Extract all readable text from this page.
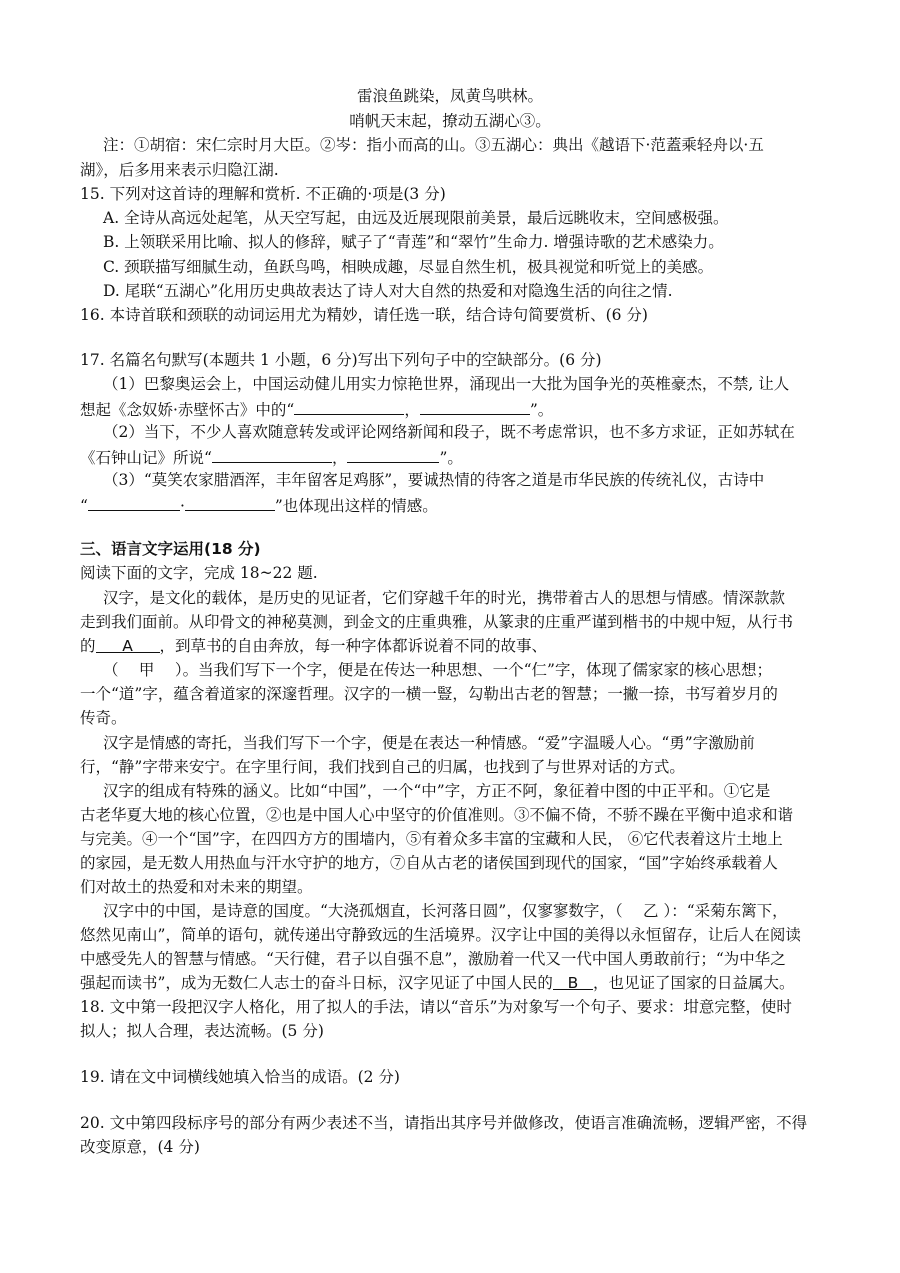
雷浪鱼跳染，凤黄鸟哄林。
哨帆天末起，撩动五湖心③。
注：①胡宿：宋仁宗时月大臣。②岑：指小而高的山。③五湖心：典出《越语下·范蓋乘轻舟以·五
湖》，后多用来表示归隐江湖.
15. 下列对这首诗的理解和赏析. 不正确的·项是(3 分)
A. 全诗从高远处起笔，从天空写起，由远及近展现限前美景，最后远眺收末，空间感极强。
B. 上领联采用比喻、拟人的修辞，赋子了“青莲”和“翠竹”生命力. 增强诗歌的艺术感染力。
C. 颈联描写细腻生动，鱼跃鸟鸣，相映成趣，尽显自然生机，极具视觉和听觉上的美感。
D. 尾联“五湖心”化用历史典故表达了诗人对大自然的热爱和对隐逸生活的向往之情.
16. 本诗首联和颈联的动词运用尤为精妙，请任选一联，结合诗句简要赏析、(6 分)
17. 名篇名句默写(本题共 1 小题，6 分)写出下列句子中的空缺部分。(6 分)
（1）巴黎奥运会上，中国运动健儿用实力惊艳世界，涌现出一大批为国争光的英椎豪杰，不禁, 让人
想起《念奴娇·赤壁怀古》中的“	，	”。
（2）当下，不少人喜欢随意转发或评论网络新闻和段子，既不考虑常识，也不多方求证，正如苏轼在
《石钟山记》所说“	，	”。
（3）“莫笑农家腊酒浑，丰年留客足鸡豚”，要诚热情的待客之道是巿华民族的传统礼仪，古诗中
“	·	”也体现出这样的情感。
三、语言文字运用(18 分)
阅读下面的文字，完成 18~22 题.
汉字，是文化的载体，是历史的见证者，它们穿越千年的时光，携带着古人的思想与情感。情深款款
走到我们面前。从印骨文的神秘莫测，到金文的庄重典雅，从篆隶的庄重严谨到楷书的中规中短，从行书
的 A ，到草书的自由奔放，每一种字体都诉说着不同的故事、
（　 甲　 ）。当我们写下一个字，便是在传达一种思想、一个“仁”字，体现了儒家家的核心思想；
一个“道”字，蕴含着道家的深邃哲理。汉字的一横一豎，勾勒出古老的智慧；一撇一捺，书写着岁月的
传奇。
汉字是情感的寄托，当我们写下一个字，便是在表达一种情感。“爱”字温暖人心。“勇”字激励前
行，“静”字带来安宁。在字里行间，我们找到自己的归属，也找到了与世界对话的方式。
汉字的组成有特殊的涵义。比如“中国”，一个“中”字，方正不阿，象征着中图的中正平和。①它是
古老华夏大地的核心位置，②也是中国人心中坚守的价值准则。③不偏不倚，不骄不躁在平衡中追求和谐
与完美。④一个“国”字，在四四方方的围墙内，⑤有着众多丰富的宝藏和人民， ⑥它代表着这片土地上
的家园，是无数人用热血与汗水守护的地方，⑦自从古老的诸侯国到现代的国家，“国”字始终承载着人
们对故土的热爱和对未来的期望。
汉字中的中国，是诗意的国度。“大浇孤烟直，长河落日圆”，仅寥寥数字，（　 乙 ）：“采菊东篱下，
悠然见南山”，简单的语句，就传递出守静致远的生活境界。汉字让中国的美得以永恒留存，让后人在阅读
中感受先人的智慧与情感。“天行健，君子以自强不息”，激励着一代又一代中国人勇敢前行；“为中华之
强起而读书”，成为无数仁人志士的奋斗日标，汉字见证了中国人民的 B ，也见证了国家的日益属大。
18. 文中第一段把汉字人格化，用了拟人的手法，请以“音乐”为对象写一个句子、要求：坩意完整，使时
拟人；拟人合理，表达流畅。(5 分)
19. 请在文中词横线她填入恰当的成语。(2 分)
20. 文中第四段标序号的部分有两少表述不当，请指出其序号并做修改，使语言准确流畅，逻辑严密，不得
改变原意，(4 分)
